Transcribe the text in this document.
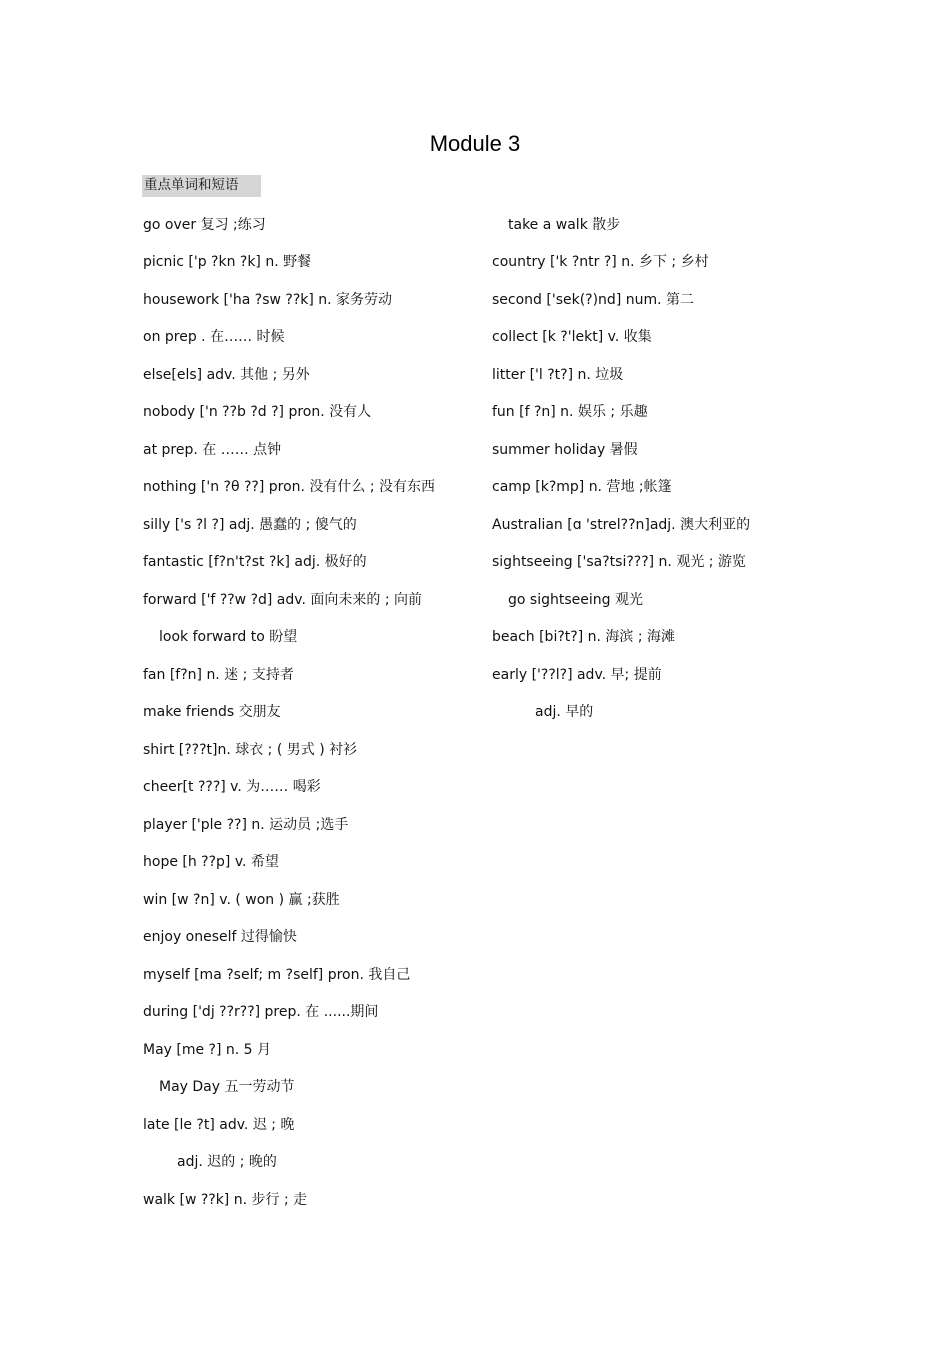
Module 3
重点单词和短语
go over 复习 ;练习
picnic ['p ?kn ?k] n. 野餐
housework ['ha ?sw ??k] n. 家务劳动
on prep . 在…… 时候
else[els] adv. 其他 ; 另外
nobody ['n ??b ?d ?] pron. 没有人
at prep. 在 …… 点钟
nothing ['n ?θ ??] pron. 没有什么 ; 没有东西
silly ['s ?l ?] adj. 愚蠢的 ; 傻气的
fantastic [f?n't?st ?k] adj. 极好的
forward ['f ??w ?d] adv. 面向未来的 ; 向前
look forward to 盼望
fan [f?n] n. 迷 ; 支持者
make friends 交朋友
shirt [???t]n. 球衣 ; ( 男式 ) 衬衫
cheer[t ???] v. 为…… 喝彩
player ['ple ??] n. 运动员 ;选手
hope [h ??p] v. 希望
win [w ?n] v. ( won ) 赢 ;获胜
enjoy oneself 过得愉快
myself [ma ?self; m ?self] pron. 我自己
during ['dj ??r??] prep. 在 ......期间
May [me ?] n. 5 月
May Day 五一劳动节
late [le ?t] adv. 迟 ; 晚
adj. 迟的 ; 晚的
walk [w ??k] n. 步行 ; 走
take a walk 散步
country ['k ?ntr ?] n. 乡下 ; 乡村
second ['sek(?)nd] num. 第二
collect [k ?'lekt] v. 收集
litter ['l ?t?] n. 垃圾
fun [f ?n] n. 娱乐 ; 乐趣
summer holiday 暑假
camp [k?mp] n. 营地 ;帐篷
Australian [ɑ 'strel??n]adj. 澳大利亚的
sightseeing ['sa?tsi???] n. 观光 ; 游览
go sightseeing 观光
beach [bi?t?] n. 海滨 ; 海滩
early ['??l?] adv. 早; 提前
adj. 早的
